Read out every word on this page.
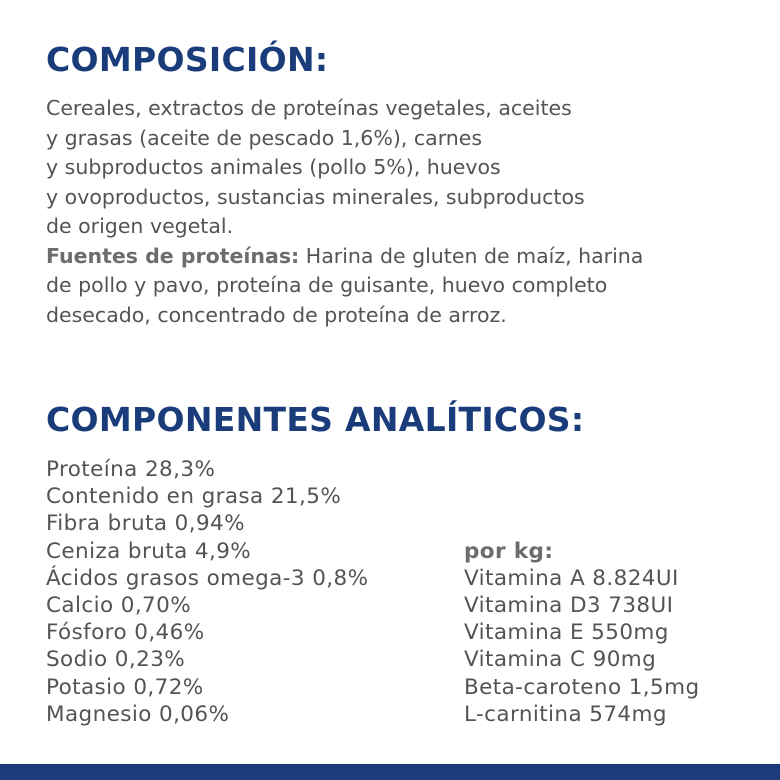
COMPOSICIÓN:

Cereales, extractos de proteínas vegetales, aceites
y grasas (aceite de pescado 1,6%), carnes
y subproductos animales (pollo 5%), huevos
y ovoproductos, sustancias minerales, subproductos
de origen vegetal.
Fuentes de proteínas: Harina de gluten de maíz, harina
de pollo y pavo, proteína de guisante, huevo completo
desecado, concentrado de proteína de arroz.

COMPONENTES ANALÍTICOS:
Proteína 28,3%
Contenido en grasa 21,5%
Fibra bruta 0,94%
Ceniza bruta 4,9%
Ácidos grasos omega-3 0,8%
Calcio 0,70%
Fósforo 0,46%
Sodio 0,23%
Potasio 0,72%
Magnesio 0,06%

por kg:
Vitamina A 8.824UI
Vitamina D3 738UI
Vitamina E 550mg
Vitamina C 90mg
Beta-caroteno 1,5mg
L-carnitina 574mg
